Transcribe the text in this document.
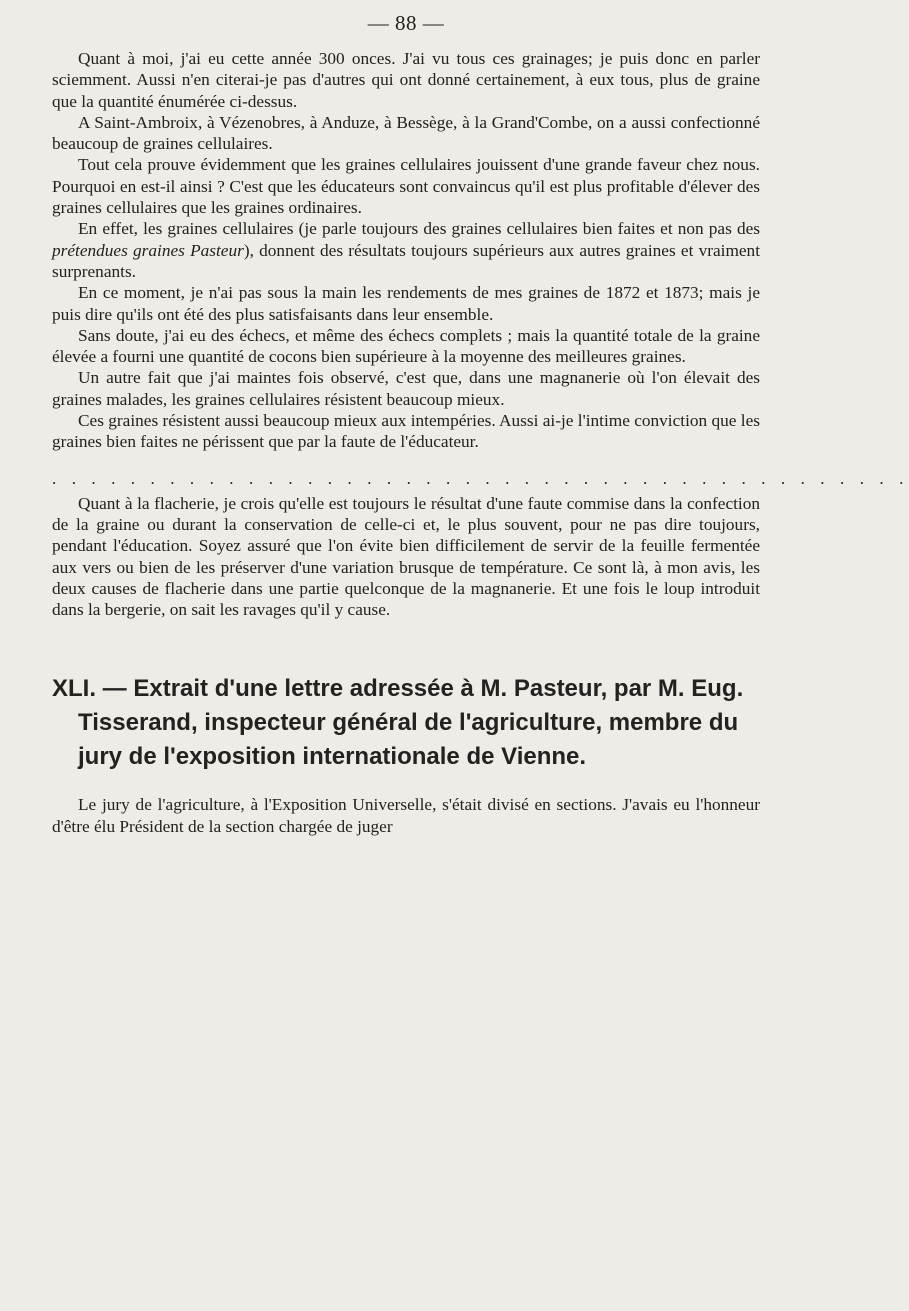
— 88 —

Quant à moi, j'ai eu cette année 300 onces. J'ai vu tous ces grainages; je puis donc en parler sciemment. Aussi n'en citerai-je pas d'autres qui ont donné certainement, à eux tous, plus de graine que la quantité énumérée ci-dessus.

A Saint-Ambroix, à Vézenobres, à Anduze, à Bessège, à la Grand'Combe, on a aussi confectionné beaucoup de graines cellulaires.

Tout cela prouve évidemment que les graines cellulaires jouissent d'une grande faveur chez nous. Pourquoi en est-il ainsi ? C'est que les éducateurs sont convaincus qu'il est plus profitable d'élever des graines cellulaires que les graines ordinaires.

En effet, les graines cellulaires (je parle toujours des graines cellulaires bien faites et non pas des prétendues graines Pasteur), donnent des résultats toujours supérieurs aux autres graines et vraiment surprenants.

En ce moment, je n'ai pas sous la main les rendements de mes graines de 1872 et 1873; mais je puis dire qu'ils ont été des plus satisfaisants dans leur ensemble.

Sans doute, j'ai eu des échecs, et même des échecs complets ; mais la quantité totale de la graine élevée a fourni une quantité de cocons bien supérieure à la moyenne des meilleures graines.

Un autre fait que j'ai maintes fois observé, c'est que, dans une magnanerie où l'on élevait des graines malades, les graines cellulaires résistent beaucoup mieux.

Ces graines résistent aussi beaucoup mieux aux intempéries. Aussi ai-je l'intime conviction que les graines bien faites ne périssent que par la faute de l'éducateur.

. . . . . . . . . . . . . . . . . . . . . . . . . . . . . . . . . . . . . . . . . . . .

Quant à la flacherie, je crois qu'elle est toujours le résultat d'une faute commise dans la confection de la graine ou durant la conservation de celle-ci et, le plus souvent, pour ne pas dire toujours, pendant l'éducation. Soyez assuré que l'on évite bien difficilement de servir de la feuille fermentée aux vers ou bien de les préserver d'une variation brusque de température. Ce sont là, à mon avis, les deux causes de flacherie dans une partie quelconque de la magnanerie. Et une fois le loup introduit dans la bergerie, on sait les ravages qu'il y cause.

XLI. — Extrait d'une lettre adressée à M. Pasteur, par M. Eug. Tisserand, inspecteur général de l'agriculture, membre du jury de l'exposition internationale de Vienne.

Le jury de l'agriculture, à l'Exposition Universelle, s'était divisé en sections. J'avais eu l'honneur d'être élu Président de la section chargée de juger
